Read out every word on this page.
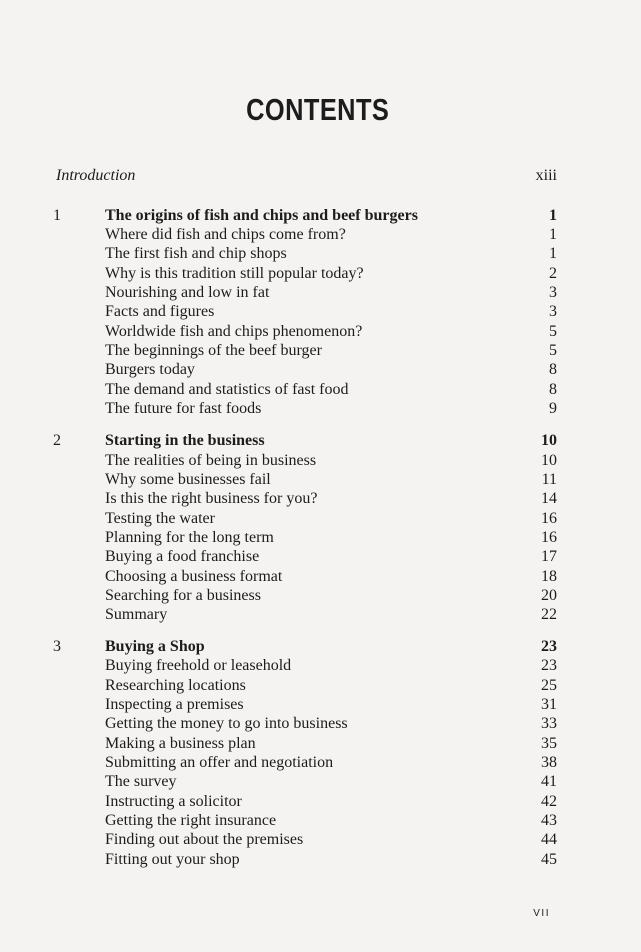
CONTENTS
Introduction	xiii
1	The origins of fish and chips and beef burgers	1
Where did fish and chips come from?	1
The first fish and chip shops	1
Why is this tradition still popular today?	2
Nourishing and low in fat	3
Facts and figures	3
Worldwide fish and chips phenomenon?	5
The beginnings of the beef burger	5
Burgers today	8
The demand and statistics of fast food	8
The future for fast foods	9
2	Starting in the business	10
The realities of being in business	10
Why some businesses fail	11
Is this the right business for you?	14
Testing the water	16
Planning for the long term	16
Buying a food franchise	17
Choosing a business format	18
Searching for a business	20
Summary	22
3	Buying a Shop	23
Buying freehold or leasehold	23
Researching locations	25
Inspecting a premises	31
Getting the money to go into business	33
Making a business plan	35
Submitting an offer and negotiation	38
The survey	41
Instructing a solicitor	42
Getting the right insurance	43
Finding out about the premises	44
Fitting out your shop	45
VII
